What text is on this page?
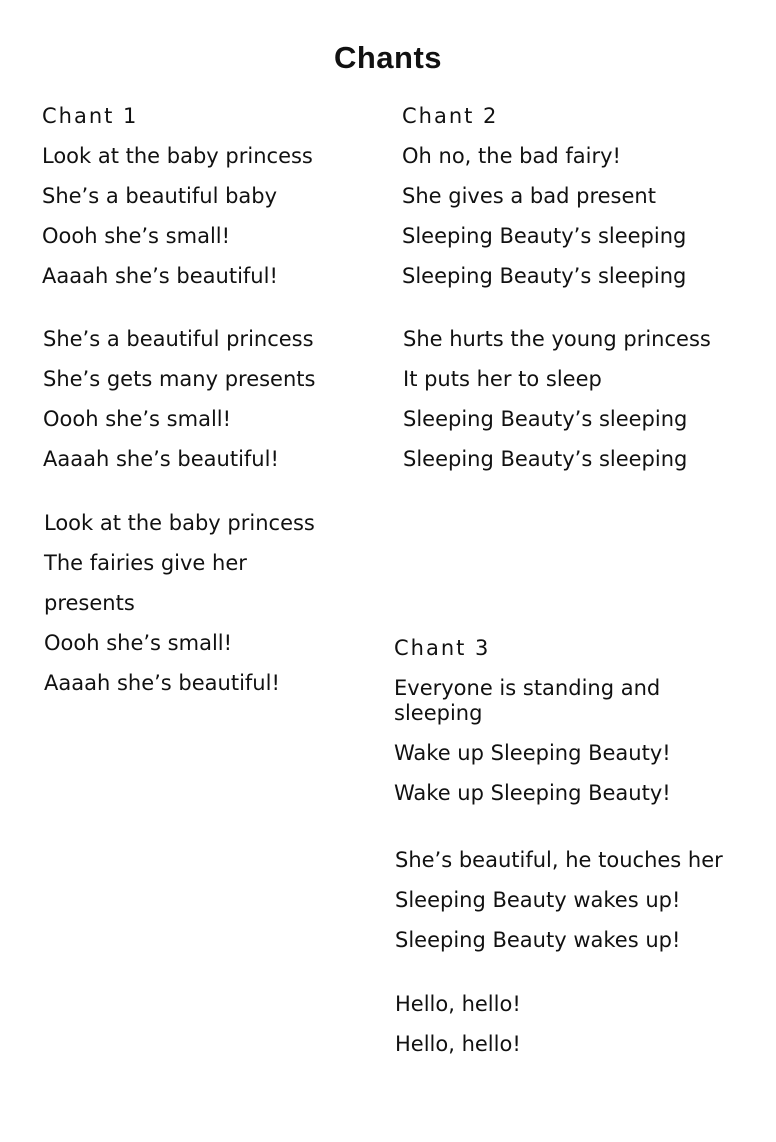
Chants

Chant 1

Look at the baby princess

She’s a beautiful baby

Oooh she’s small!

Aaaah she’s beautiful!

She’s a beautiful princess

She’s gets many presents

Oooh she’s small!

Aaaah she’s beautiful!

Look at the baby princess

The fairies give her

presents

Oooh she’s small!

Aaaah she’s beautiful!

Chant 2

Oh no, the bad fairy!

She gives a bad present

Sleeping Beauty’s sleeping

Sleeping Beauty’s sleeping

She hurts the young princess

It puts her to sleep

Sleeping Beauty’s sleeping

Sleeping Beauty’s sleeping

Chant 3

Everyone is standing and

sleeping

Wake up Sleeping Beauty!

Wake up Sleeping Beauty!

She’s beautiful, he touches her

Sleeping Beauty wakes up!

Sleeping Beauty wakes up!

Hello, hello!

Hello, hello!
